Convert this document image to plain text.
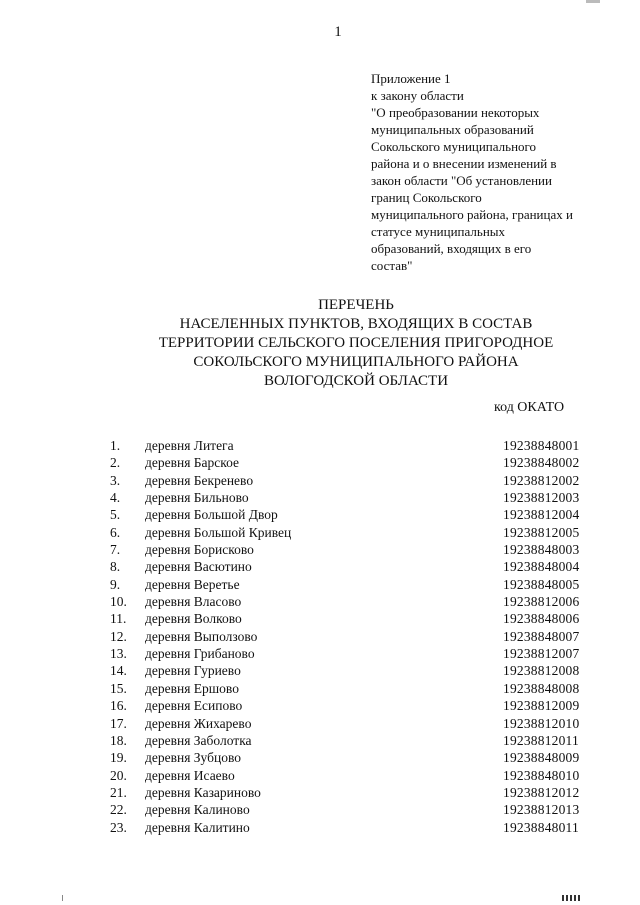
1
Приложение 1
к закону области
"О преобразовании некоторых
муниципальных образований
Сокольского муниципального
района и о внесении изменений в
закон области "Об установлении
границ Сокольского
муниципального района, границах и
статусе муниципальных
образований, входящих в его
состав"
ПЕРЕЧЕНЬ
НАСЕЛЕННЫХ ПУНКТОВ, ВХОДЯЩИХ В СОСТАВ
ТЕРРИТОРИИ СЕЛЬСКОГО ПОСЕЛЕНИЯ ПРИГОРОДНОЕ
СОКОЛЬСКОГО МУНИЦИПАЛЬНОГО РАЙОНА
ВОЛОГОДСКОЙ ОБЛАСТИ
код ОКАТО
1.	деревня Литега	19238848001
2.	деревня Барское	19238848002
3.	деревня Бекренево	19238812002
4.	деревня Бильново	19238812003
5.	деревня Большой Двор	19238812004
6.	деревня Большой Кривец	19238812005
7.	деревня Борисково	19238848003
8.	деревня Васютино	19238848004
9.	деревня Веретье	19238848005
10.	деревня Власово	19238812006
11.	деревня Волково	19238848006
12.	деревня Выползово	19238848007
13.	деревня Грибаново	19238812007
14.	деревня Гуриево	19238812008
15.	деревня Ершово	19238848008
16.	деревня Есипово	19238812009
17.	деревня Жихарево	19238812010
18.	деревня Заболотка	19238812011
19.	деревня Зубцово	19238848009
20.	деревня Исаево	19238848010
21.	деревня Казариново	19238812012
22.	деревня Калиново	19238812013
23.	деревня Калитино	19238848011
